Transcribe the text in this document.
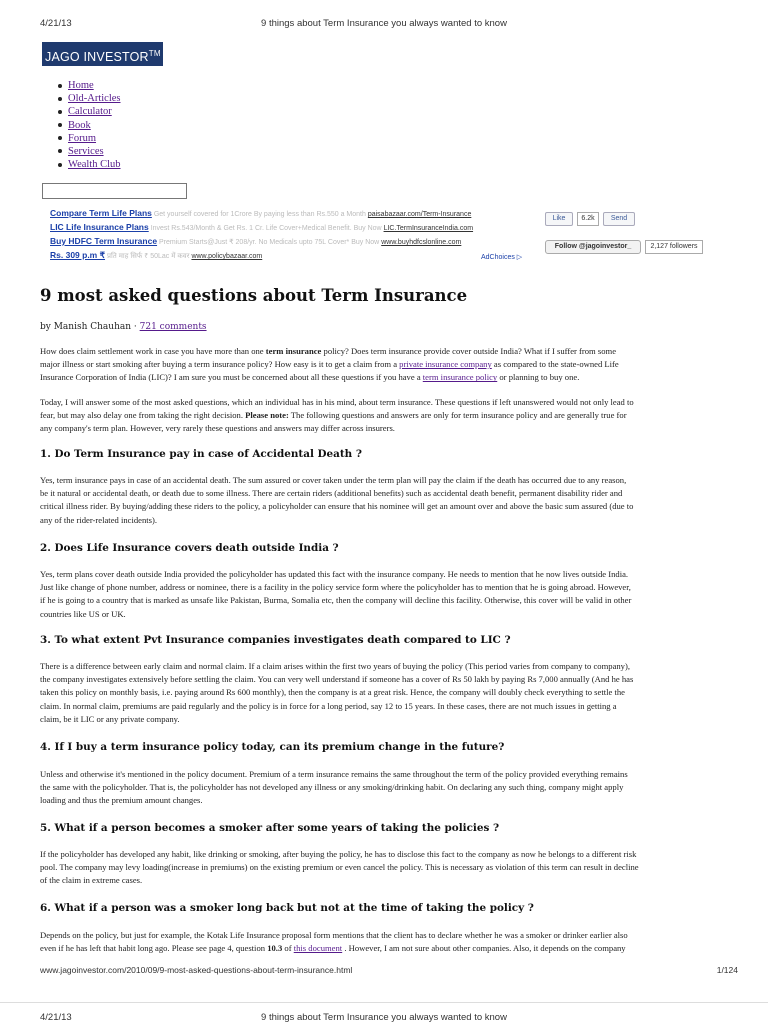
4/21/13	9 things about Term Insurance you always wanted to know
JAGO INVESTOR™
Home
Old-Articles
Calculator
Book
Forum
Services
Wealth Club
Compare Term Life Plans Get yourself covered for 1Crore By paying less than Rs.550 a Month paisabazaar.com/Term-Insurance
LIC Life Insurance Plans Invest Rs.543/Month & Get Rs. 1 Cr. Life Cover+Medical Benefit. Buy Now LIC.TermInsuranceIndia.com
Buy HDFC Term Insurance Premium Starts@Just ₹ 208/yr. No Medicals upto 75L Cover* Buy Now www.buyhdfcslonline.com
Rs. 309 p.m ₹ प्रति माह सिर्फ ₹ 50Lac में कवर www.policybazaar.com	AdChoices ▷
Like	6.2k	Send
Follow @jagoinvestor_	2,127 followers
9 most asked questions about Term Insurance
by Manish Chauhan · 721 comments
How does claim settlement work in case you have more than one term insurance policy? Does term insurance provide cover outside India? What if I suffer from some
major illness or start smoking after buying a term insurance policy? How easy is it to get a claim from a private insurance company as compared to the state-owned Life
Insurance Corporation of India (LIC)? I am sure you must be concerned about all these questions if you have a term insurance policy or planning to buy one.
Today, I will answer some of the most asked questions, which an individual has in his mind, about term insurance. These questions if left unanswered would not only lead to
fear, but may also delay one from taking the right decision. Please note: The following questions and answers are only for term insurance policy and are generally true for
any company's term plan. However, very rarely these questions and answers may differ across insurers.
1. Do Term Insurance pay in case of Accidental Death ?
Yes, term insurance pays in case of an accidental death. The sum assured or cover taken under the term plan will pay the claim if the death has occurred due to any reason,
be it natural or accidental death, or death due to some illness. There are certain riders (additional benefits) such as accidental death benefit, permanent disability rider and
critical illness rider. By buying/adding these riders to the policy, a policyholder can ensure that his nominee will get an amount over and above the basic sum assured (due to
any of the rider-related incidents).
2. Does Life Insurance covers death outside India ?
Yes, term plans cover death outside India provided the policyholder has updated this fact with the insurance company. He needs to mention that he now lives outside India.
Just like change of phone number, address or nominee, there is a facility in the policy service form where the policyholder has to mention that he is going abroad. However,
if he is going to a country that is marked as unsafe like Pakistan, Burma, Somalia etc, then the company will decline this facility. Otherwise, this cover will be valid in other
countries like US or UK.
3. To what extent Pvt Insurance companies investigates death compared to LIC ?
There is a difference between early claim and normal claim. If a claim arises within the first two years of buying the policy (This period varies from company to company),
the company investigates extensively before settling the claim. You can very well understand if someone has a cover of Rs 50 lakh by paying Rs 7,000 annually (And he has
taken this policy on monthly basis, i.e. paying around Rs 600 monthly), then the company is at a great risk. Hence, the company will doubly check everything to settle the
claim. In normal claim, premiums are paid regularly and the policy is in force for a long period, say 12 to 15 years. In these cases, there are not much issues in getting a
claim, be it LIC or any private company.
4. If I buy a term insurance policy today, can its premium change in the future?
Unless and otherwise it's mentioned in the policy document. Premium of a term insurance remains the same throughout the term of the policy provided everything remains
the same with the policyholder. That is, the policyholder has not developed any illness or any smoking/drinking habit. On declaring any such thing, company might apply
loading and thus the premium amount changes.
5. What if a person becomes a smoker after some years of taking the policies ?
If the policyholder has developed any habit, like drinking or smoking, after buying the policy, he has to disclose this fact to the company as now he belongs to a different risk
pool. The company may levy loading(increase in premiums) on the existing premium or even cancel the policy. This is necessary as violation of this term can result in decline
of the claim in extreme cases.
6. What if a person was a smoker long back but not at the time of taking the policy ?
Depends on the policy, but just for example, the Kotak Life Insurance proposal form mentions that the client has to declare whether he was a smoker or drinker earlier also
even if he has left that habit long ago. Please see page 4, question 10.3 of this document . However, I am not sure about other companies. Also, it depends on the company
www.jagoinvestor.com/2010/09/9-most-asked-questions-about-term-insurance.html	1/124
4/21/13	9 things about Term Insurance you always wanted to know
